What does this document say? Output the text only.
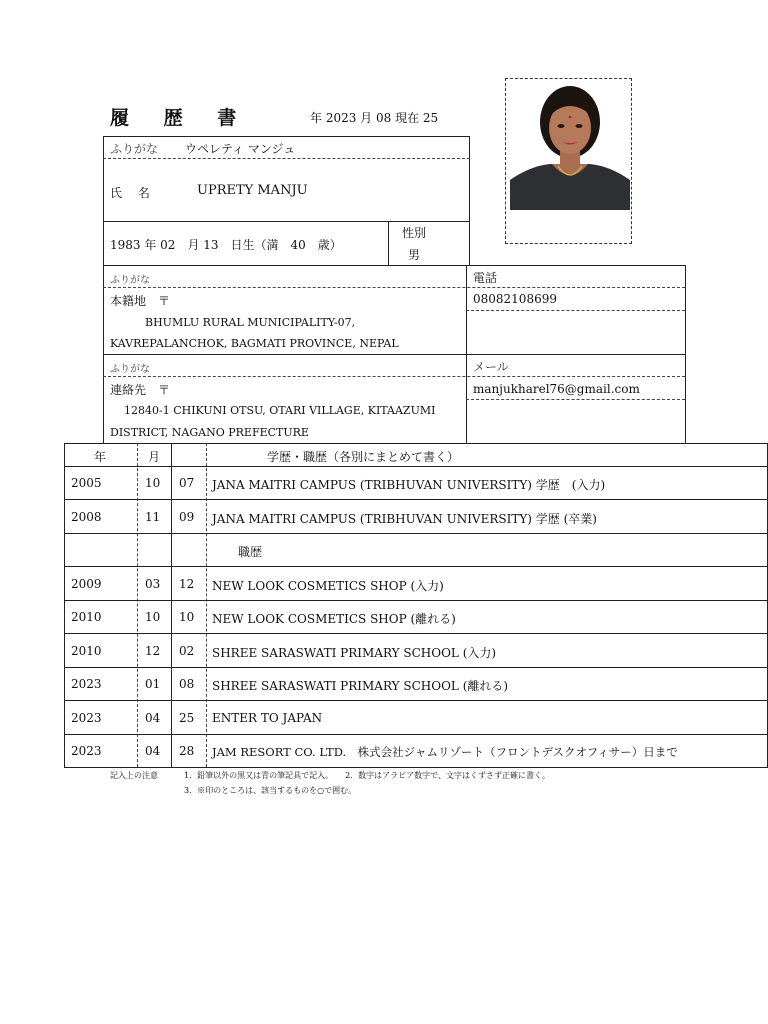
履 歴 書	年 2023 月 08 現在 25
ふりがな ウペレティ マンジュ
氏　 名	UPRETY MANJU
1983 年 02　月 13　日生（満　40　歳）
性別
男
ふりがな
本籍地　〒
BHUMLU RURAL MUNICIPALITY-07,
KAVREPALANCHOK, BAGMATI PROVINCE, NEPAL
電話
08082108699
ふりがな
連絡先　〒
12840-1 CHIKUNI OTSU, OTARI VILLAGE, KITAAZUMI
DISTRICT, NAGANO PREFECTURE
メール
manjukharel76@gmail.com
年	月	学歴・職歴（各別にまとめて書く）
2005	10 07 JANA MAITRI CAMPUS (TRIBHUVAN UNIVERSITY) 学歴　(入力)
2008	11 09 JANA MAITRI CAMPUS (TRIBHUVAN UNIVERSITY) 学歴 (卒業)
職歴
2009	03 12 NEW LOOK COSMETICS SHOP (入力)
2010	10 10 NEW LOOK COSMETICS SHOP (離れる)
2010	12 02 SHREE SARASWATI PRIMARY SCHOOL (入力)
2023	01 08 SHREE SARASWATI PRIMARY SCHOOL (離れる)
2023	04 25 ENTER TO JAPAN
2023	04 28 JAM RESORT CO. LTD.　株式会社ジャムリゾート（フロントデスクオフィサー）日まで
記入上の注意	1．鉛筆以外の黒又は青の筆記具で記入。　　2．数字はアラビア数字で、文字はくずさず正確に書く。
3．※印のところは、該当するものを○で囲む。
